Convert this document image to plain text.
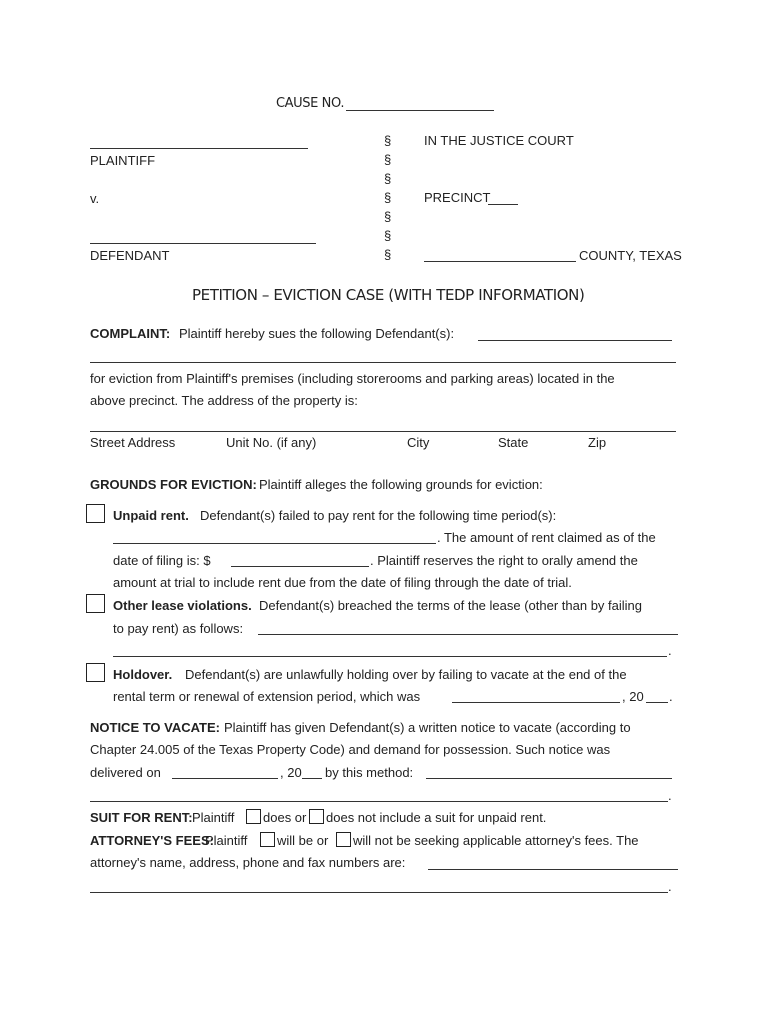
CAUSE NO.
PLAINTIFF
v.
DEFENDANT
§
§
§
§
§
§
§
IN THE JUSTICE COURT
PRECINCT
COUNTY, TEXAS
PETITION – EVICTION CASE (WITH TEDP INFORMATION)
COMPLAINT: Plaintiff hereby sues the following Defendant(s):
for eviction from Plaintiff's premises (including storerooms and parking areas) located in the
above precinct. The address of the property is:
Street Address	Unit No. (if any)	City	State	Zip
GROUNDS FOR EVICTION: Plaintiff alleges the following grounds for eviction:
Unpaid rent. Defendant(s) failed to pay rent for the following time period(s):
. The amount of rent claimed as of the
date of filing is: $	. Plaintiff reserves the right to orally amend the
amount at trial to include rent due from the date of filing through the date of trial.
Other lease violations. Defendant(s) breached the terms of the lease (other than by failing
to pay rent) as follows:
.
Holdover. Defendant(s) are unlawfully holding over by failing to vacate at the end of the
rental term or renewal of extension period, which was	, 20 .
NOTICE TO VACATE: Plaintiff has given Defendant(s) a written notice to vacate (according to
Chapter 24.005 of the Texas Property Code) and demand for possession. Such notice was
delivered on	, 20 by this method:
.
SUIT FOR RENT: Plaintiff does or does not include a suit for unpaid rent.
ATTORNEY'S FEES:
Plaintiff will be or will not be seeking applicable attorney's fees. The
attorney's name, address, phone and fax numbers are:
.
